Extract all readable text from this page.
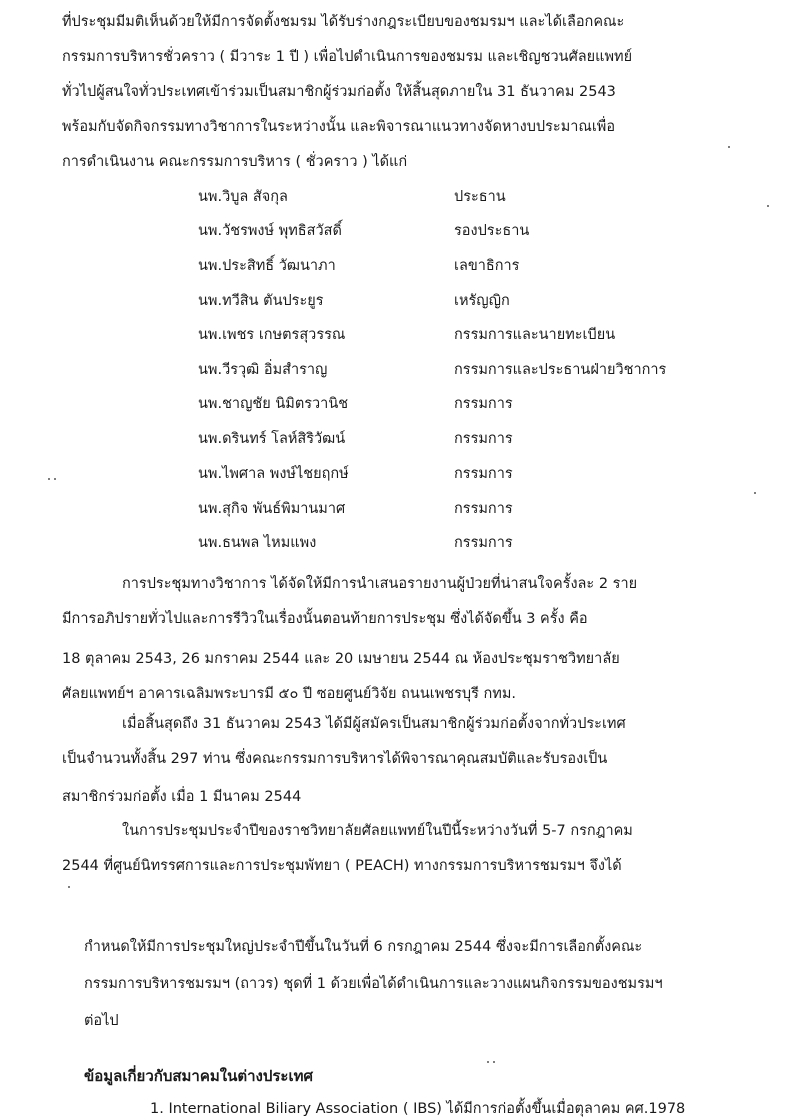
ที่ประชุมมีมติเห็นด้วยให้มีการจัดตั้งชมรม ได้รับร่างกฎระเบียบของชมรมฯ และได้เลือกคณะ
กรรมการบริหารชั่วคราว ( มีวาระ 1 ปี ) เพื่อไปดำเนินการของชมรม และเชิญชวนศัลยแพทย์
ทั่วไปผู้สนใจทั่วประเทศเข้าร่วมเป็นสมาชิกผู้ร่วมก่อตั้ง ให้สิ้นสุดภายใน 31 ธันวาคม 2543
พร้อมกับจัดกิจกรรมทางวิชาการในระหว่างนั้น และพิจารณาแนวทางจัดหางบประมาณเพื่อ
การดำเนินงาน คณะกรรมการบริหาร ( ชั่วคราว ) ได้แก่
นพ.วิบูล สัจกุล	ประธาน
นพ.วัชรพงษ์ พุทธิสวัสดิ์	รองประธาน
นพ.ประสิทธิ์ วัฒนาภา	เลขาธิการ
นพ.ทวีสิน ตันประยูร	เหรัญญิก
นพ.เพชร เกษตรสุวรรณ	กรรมการและนายทะเบียน
นพ.วีรวุฒิ อิ่มสำราญ	กรรมการและประธานฝ่ายวิชาการ
นพ.ชาญชัย นิมิตรวานิช	กรรมการ
นพ.ดรินทร์ โลห์สิริวัฒน์	กรรมการ
นพ.ไพศาล พงษ์ไชยฤกษ์	กรรมการ
นพ.สุกิจ พันธ์พิมานมาศ	กรรมการ
นพ.ธนพล ไหมแพง	กรรมการ
การประชุมทางวิชาการ ได้จัดให้มีการนำเสนอรายงานผู้ป่วยที่น่าสนใจครั้งละ 2 ราย
มีการอภิปรายทั่วไปและการรีวิวในเรื่องนั้นตอนท้ายการประชุม ซึ่งได้จัดขึ้น 3 ครั้ง คือ
18 ตุลาคม 2543, 26 มกราคม 2544 และ 20 เมษายน 2544 ณ ห้องประชุมราชวิทยาลัย
ศัลยแพทย์ฯ อาคารเฉลิมพระบารมี ๕๐ ปี ซอยศูนย์วิจัย ถนนเพชรบุรี กทม.
เมื่อสิ้นสุดถึง 31 ธันวาคม 2543 ได้มีผู้สมัครเป็นสมาชิกผู้ร่วมก่อตั้งจากทั่วประเทศ
เป็นจำนวนทั้งสิ้น 297 ท่าน ซึ่งคณะกรรมการบริหารได้พิจารณาคุณสมบัติและรับรองเป็น
สมาชิกร่วมก่อตั้ง เมื่อ 1 มีนาคม 2544
ในการประชุมประจำปีของราชวิทยาลัยศัลยแพทย์ในปีนี้ระหว่างวันที่ 5-7 กรกฎาคม
2544 ที่ศูนย์นิทรรศการและการประชุมพัทยา ( PEACH) ทางกรรมการบริหารชมรมฯ จึงได้
กำหนดให้มีการประชุมใหญ่ประจำปีขึ้นในวันที่ 6 กรกฎาคม 2544 ซึ่งจะมีการเลือกตั้งคณะ
กรรมการบริหารชมรมฯ (ถาวร) ชุดที่ 1 ด้วยเพื่อได้ดำเนินการและวางแผนกิจกรรมของชมรมฯ
ต่อไป
ข้อมูลเกี่ยวกับสมาคมในต่างประเทศ
1. International Biliary Association ( IBS) ได้มีการก่อตั้งขึ้นเมื่อตุลาคม คศ.1978
